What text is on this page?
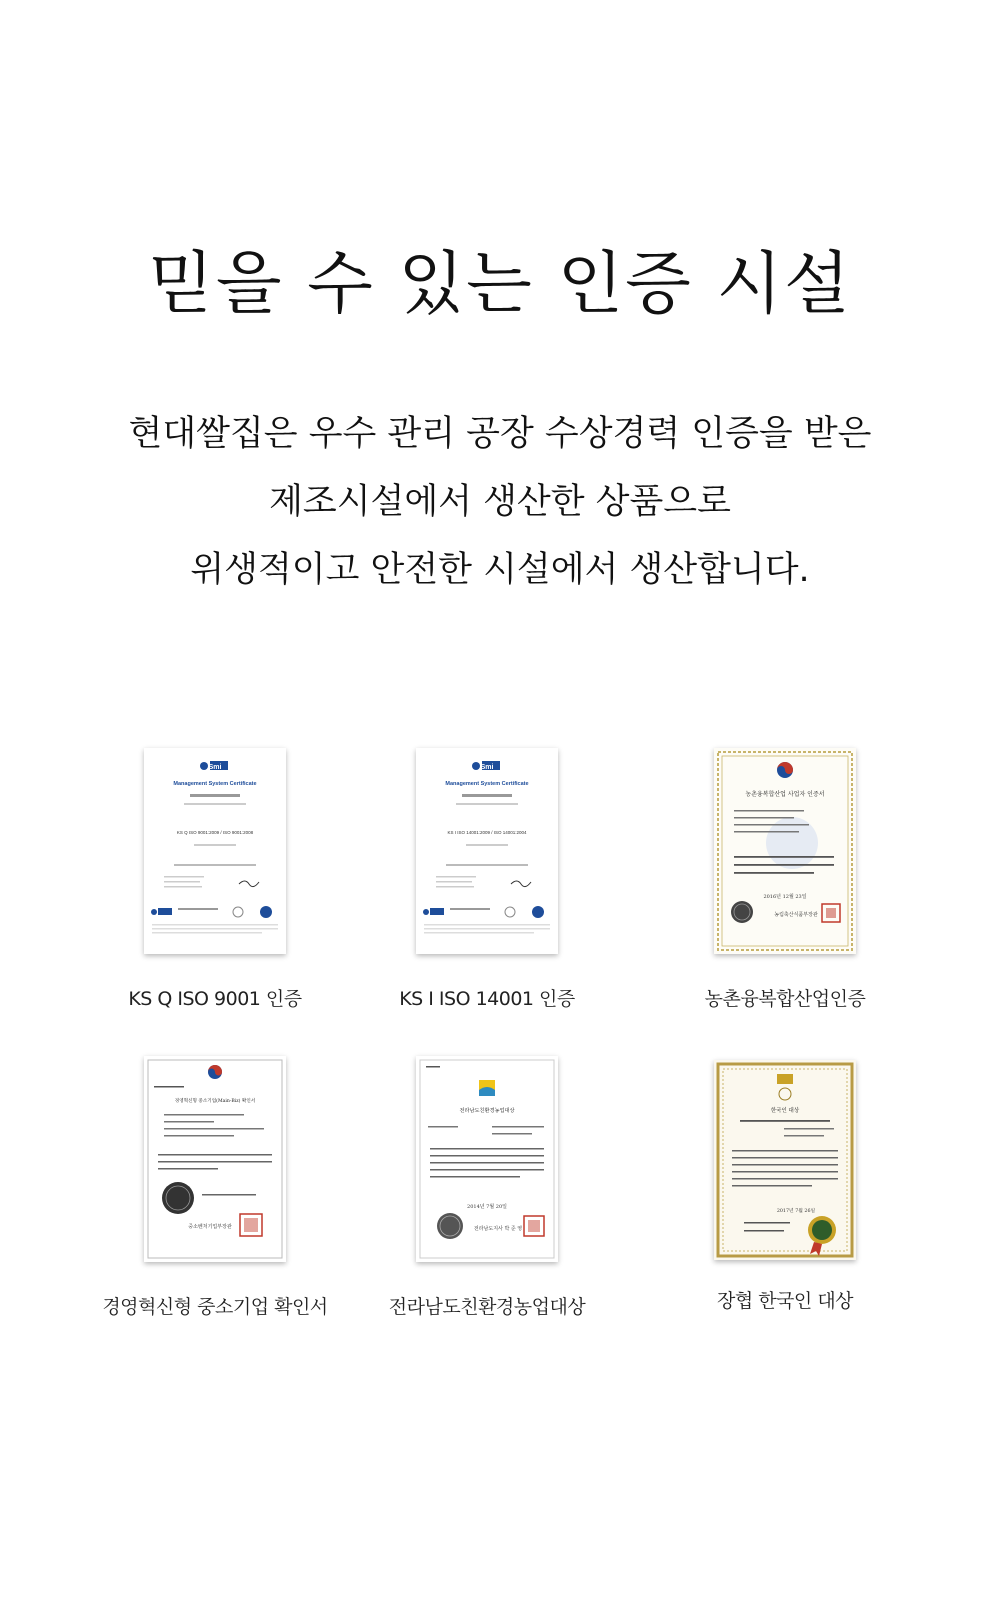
믿을 수 있는 인증 시설

현대쌀집은 우수 관리 공장 수상경력 인증을 받은
제조시설에서 생산한 상품으로
위생적이고 안전한 시설에서 생산합니다.

Smi
Management System Certificate
KS Q ISO 9001:2009 / ISO 9001:2008
KS Q ISO 9001 인증
Smi
Management System Certificate
KS I ISO 14001:2009 / ISO 14001:2004
KS I ISO 14001 인증
농촌융복합산업 사업자 인증서
2016년 12월 23일
농림축산식품부장관
농촌융복합산업인증
경영혁신형 중소기업(Main-Biz) 확인서
중소벤처기업부장관
경영혁신형 중소기업 확인서
전라남도친환경농업대상
2014년 7월 20일
전라남도지사 박 준 영
전라남도친환경농업대상
한국인 대상
2017년 7월 26일
장협 한국인 대상
